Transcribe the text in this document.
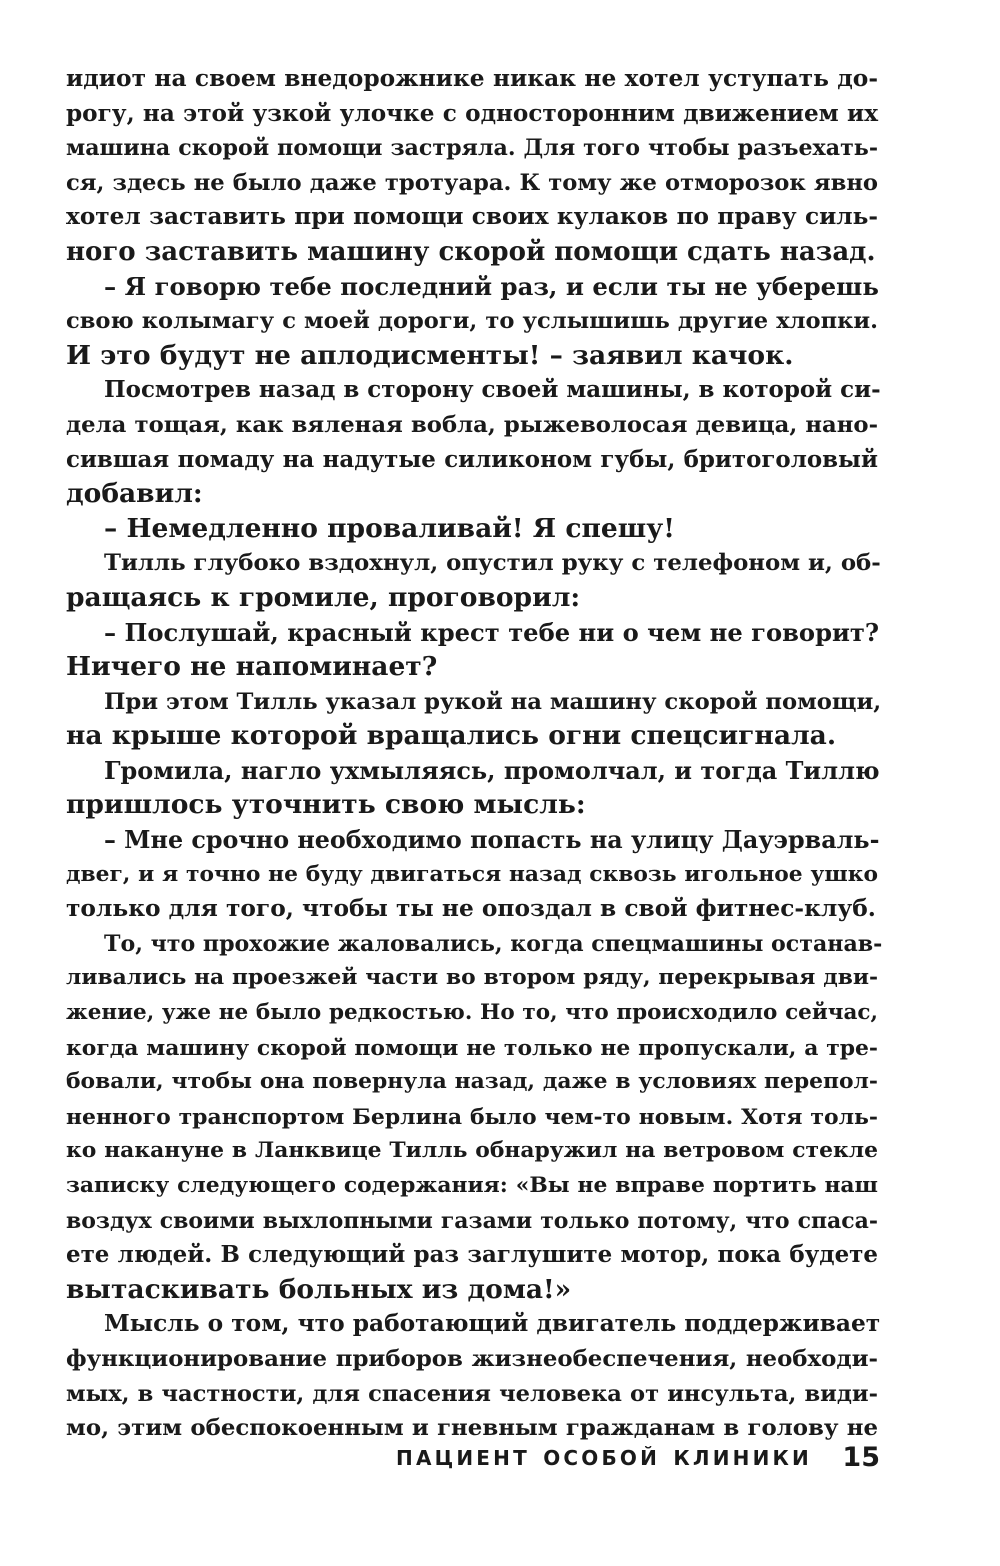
идиот на своем внедорожнике никак не хотел уступать до-
рогу, на этой узкой улочке с односторонним движением их
машина скорой помощи застряла. Для того чтобы разъехать-
ся, здесь не было даже тротуара. К тому же отморозок явно
хотел заставить при помощи своих кулаков по праву силь-
ного заставить машину скорой помощи сдать назад.
– Я говорю тебе последний раз, и если ты не уберешь
свою колымагу с моей дороги, то услышишь другие хлопки.
И это будут не аплодисменты! – заявил качок.
Посмотрев назад в сторону своей машины, в которой си-
дела тощая, как вяленая вобла, рыжеволосая девица, нано-
сившая помаду на надутые силиконом губы, бритоголовый
добавил:
– Немедленно проваливай! Я спешу!
Тилль глубоко вздохнул, опустил руку с телефоном и, об-
ращаясь к громиле, проговорил:
– Послушай, красный крест тебе ни о чем не говорит?
Ничего не напоминает?
При этом Тилль указал рукой на машину скорой помощи,
на крыше которой вращались огни спецсигнала.
Громила, нагло ухмыляясь, промолчал, и тогда Тиллю
пришлось уточнить свою мысль:
– Мне срочно необходимо попасть на улицу Дауэрваль-
двег, и я точно не буду двигаться назад сквозь игольное ушко
только для того, чтобы ты не опоздал в свой фитнес-клуб.
То, что прохожие жаловались, когда спецмашины останав-
ливались на проезжей части во втором ряду, перекрывая дви-
жение, уже не было редкостью. Но то, что происходило сейчас,
когда машину скорой помощи не только не пропускали, а тре-
бовали, чтобы она повернула назад, даже в условиях перепол-
ненного транспортом Берлина было чем-то новым. Хотя толь-
ко накануне в Ланквице Тилль обнаружил на ветровом стекле
записку следующего содержания: «Вы не вправе портить наш
воздух своими выхлопными газами только потому, что спаса-
ете людей. В следующий раз заглушите мотор, пока будете
вытаскивать больных из дома!»
Мысль о том, что работающий двигатель поддерживает
функционирование приборов жизнеобеспечения, необходи-
мых, в частности, для спасения человека от инсульта, види-
мо, этим обеспокоенным и гневным гражданам в голову не
ПАЦИЕНТ ОСОБОЙ КЛИНИКИ 15
